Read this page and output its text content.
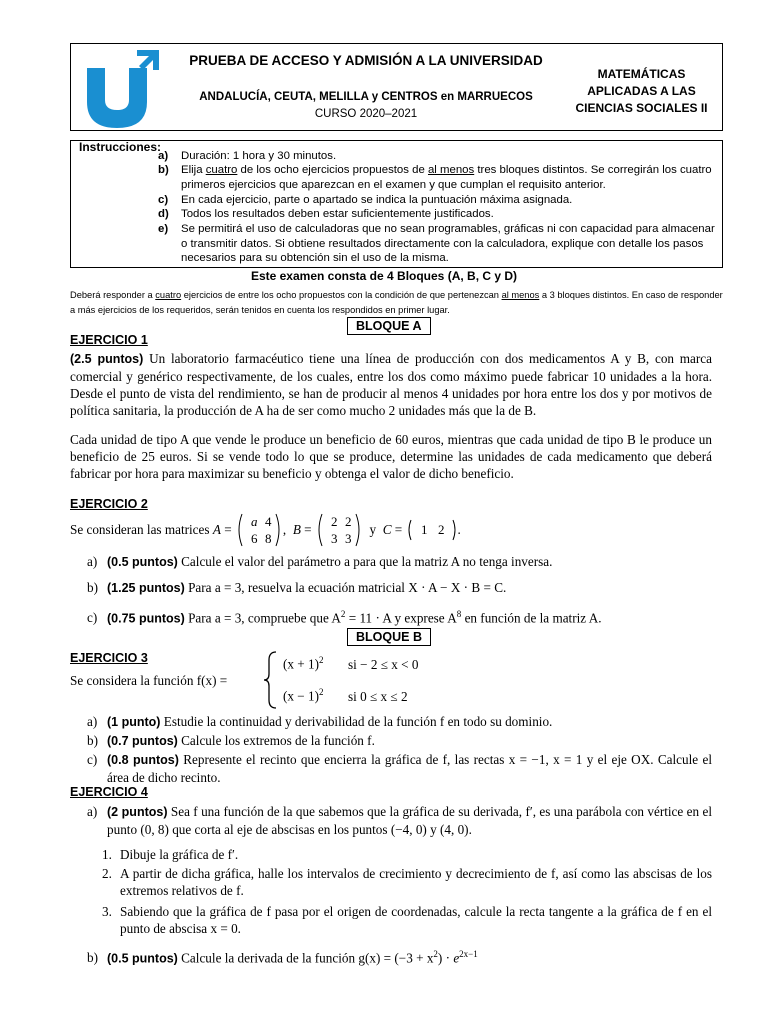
PRUEBA DE ACCESO Y ADMISIÓN A LA UNIVERSIDAD
ANDALUCÍA, CEUTA, MELILLA y CENTROS en MARRUECOS
CURSO 2020–2021
MATEMÁTICAS
APLICADAS A LAS
CIENCIAS SOCIALES II
Instrucciones:
a) Duración: 1 hora y 30 minutos.
b) Elija cuatro de los ocho ejercicios propuestos de al menos tres bloques distintos. Se corregirán los cuatro primeros ejercicios que aparezcan en el examen y que cumplan el requisito anterior.
c) En cada ejercicio, parte o apartado se indica la puntuación máxima asignada.
d) Todos los resultados deben estar suficientemente justificados.
e) Se permitirá el uso de calculadoras que no sean programables, gráficas ni con capacidad para almacenar o transmitir datos. Si obtiene resultados directamente con la calculadora, explique con detalle los pasos necesarios para su obtención sin el uso de la misma.
Este examen consta de 4 Bloques (A, B, C y D)
Deberá responder a cuatro ejercicios de entre los ocho propuestos con la condición de que pertenezcan al menos a 3 bloques distintos. En caso de responder a más ejercicios de los requeridos, serán tenidos en cuenta los respondidos en primer lugar.
BLOQUE A
EJERCICIO 1
(2.5 puntos) Un laboratorio farmacéutico tiene una línea de producción con dos medicamentos A y B, con marca comercial y genérico respectivamente, de los cuales, entre los dos como máximo puede fabricar 10 unidades a la hora. Desde el punto de vista del rendimiento, se han de producir al menos 4 unidades por hora entre los dos y por motivos de política sanitaria, la producción de A ha de ser como mucho 2 unidades más que la de B.
Cada unidad de tipo A que vende le produce un beneficio de 60 euros, mientras que cada unidad de tipo B le produce un beneficio de 25 euros. Si se vende todo lo que se produce, determine las unidades de cada medicamento que deberá fabricar por hora para maximizar su beneficio y obtenga el valor de dicho beneficio.
EJERCICIO 2
Se consideran las matrices A =
a 4
6 8
, B =
2 2
3 3
y C = 1 2 .
a) (0.5 puntos) Calcule el valor del parámetro a para que la matriz A no tenga inversa.
b) (1.25 puntos) Para a = 3, resuelva la ecuación matricial X · A − X · B = C.
c) (0.75 puntos) Para a = 3, compruebe que $A^2 = 11 \cdot A$ y exprese $A^8$ en función de la matriz A.
BLOQUE B
EJERCICIO 3
Se considera la función f(x) =
$(x + 1)^2$ si − 2 ≤ x < 0
$(x - 1)^2$ si 0 ≤ x ≤ 2
a) (1 punto) Estudie la continuidad y derivabilidad de la función f en todo su dominio.
b) (0.7 puntos) Calcule los extremos de la función f.
c) (0.8 puntos) Represente el recinto que encierra la gráfica de f, las rectas x = −1, x = 1 y el eje OX. Calcule el área de dicho recinto.
EJERCICIO 4
a) (2 puntos) Sea f una función de la que sabemos que la gráfica de su derivada, f′, es una parábola con vértice en el punto (0, 8) que corta al eje de abscisas en los puntos (−4, 0) y (4, 0).
1. Dibuje la gráfica de f′.
2. A partir de dicha gráfica, halle los intervalos de crecimiento y decrecimiento de f, así como las abscisas de los extremos relativos de f.
3. Sabiendo que la gráfica de f pasa por el origen de coordenadas, calcule la recta tangente a la gráfica de f en el punto de abscisa x = 0.
b) (0.5 puntos) Calcule la derivada de la función $g(x) = (-3 + x^2) \cdot e^{2x-1}$
